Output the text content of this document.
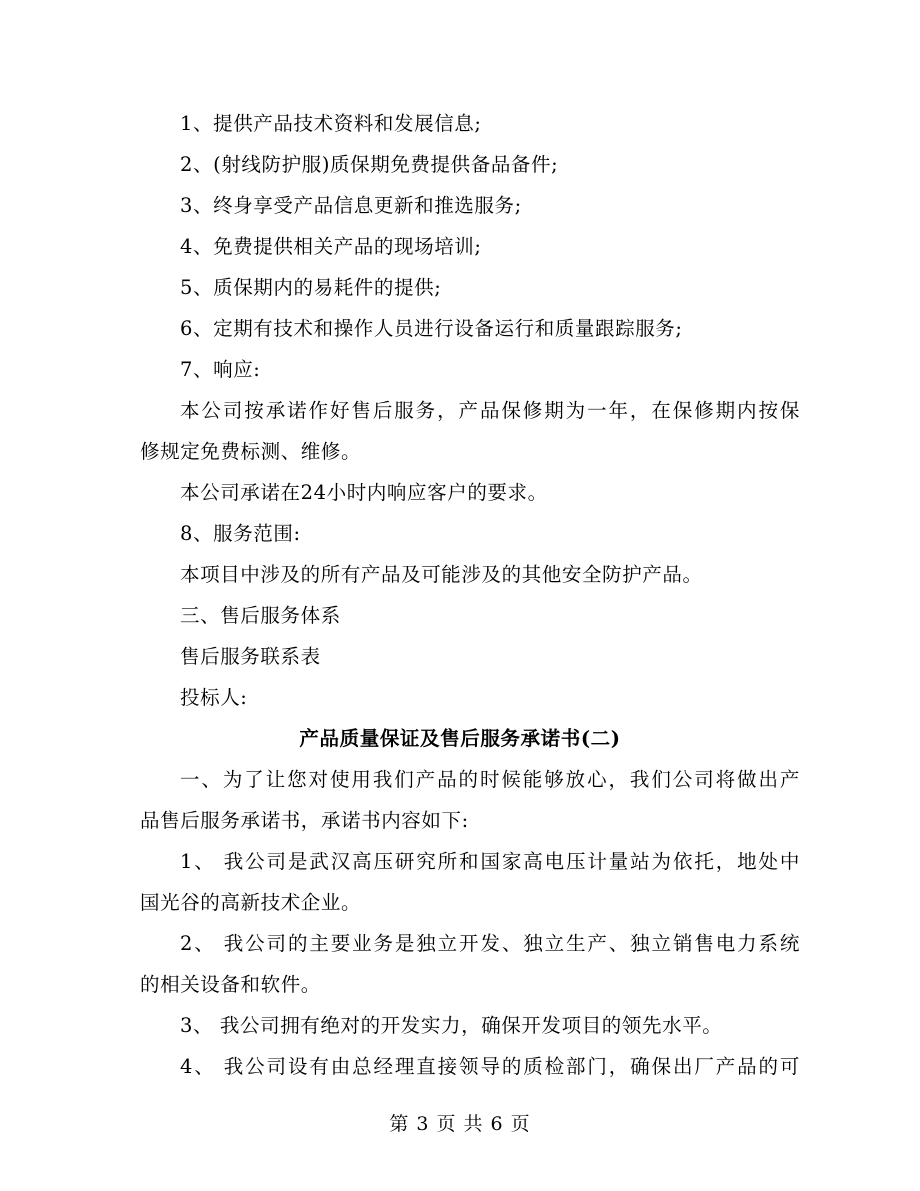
1、提供产品技术资料和发展信息;
2、(射线防护服)质保期免费提供备品备件;
3、终身享受产品信息更新和推选服务;
4、免费提供相关产品的现场培训;
5、质保期内的易耗件的提供;
6、定期有技术和操作人员进行设备运行和质量跟踪服务;
7、响应:
本公司按承诺作好售后服务，产品保修期为一年，在保修期内按保
修规定免费标测、维修。
本公司承诺在24小时内响应客户的要求。
8、服务范围:
本项目中涉及的所有产品及可能涉及的其他安全防护产品。
三、售后服务体系
售后服务联系表
投标人:
产品质量保证及售后服务承诺书(二)
一、为了让您对使用我们产品的时候能够放心，我们公司将做出产
品售后服务承诺书，承诺书内容如下:
1、 我公司是武汉高压研究所和国家高电压计量站为依托，地处中
国光谷的高新技术企业。
2、 我公司的主要业务是独立开发、独立生产、独立销售电力系统
的相关设备和软件。
3、 我公司拥有绝对的开发实力，确保开发项目的领先水平。
4、 我公司设有由总经理直接领导的质检部门，确保出厂产品的可
第 3 页 共 6 页
